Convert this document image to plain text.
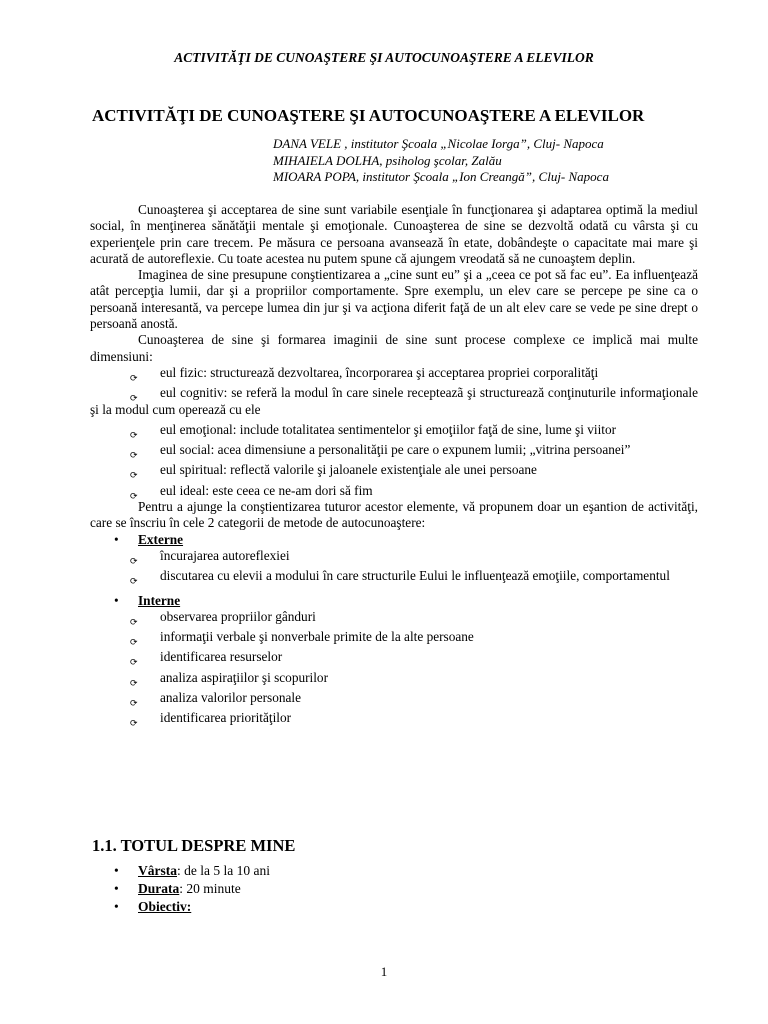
ACTIVITĂŢI DE CUNOAŞTERE ŞI AUTOCUNOAŞTERE A ELEVILOR
ACTIVITĂŢI DE CUNOAŞTERE ŞI AUTOCUNOAŞTERE A ELEVILOR
DANA VELE , institutor Şcoala „Nicolae Iorga”, Cluj- Napoca
MIHAIELA DOLHA, psiholog şcolar, Zalău
MIOARA POPA, institutor Şcoala „Ion Creangă”, Cluj- Napoca

Cunoaşterea şi acceptarea de sine sunt variabile esenţiale în funcţionarea şi adaptarea optimă la mediul social, în menţinerea sănătăţii mentale şi emoţionale. Cunoaşterea de sine se dezvoltă odată cu vârsta şi cu experienţele prin care trecem. Pe măsura ce persoana avansează în etate, dobândeşte o capacitate mai mare şi acurată de autoreflexie. Cu toate acestea nu putem spune că ajungem vreodată să ne cunoaştem deplin.

Imaginea de sine presupune conştientizarea a „cine sunt eu” şi a „ceea ce pot să fac eu”. Ea influenţează atât percepţia lumii, dar şi a propriilor comportamente. Spre exemplu, un elev care se percepe pe sine ca o persoană interesantă, va percepe lumea din jur şi va acţiona diferit faţă de un alt elev care se vede pe sine drept o persoană anostă.

Cunoaşterea de sine şi formarea imaginii de sine sunt procese complexe ce implică mai multe dimensiuni:

⟳ eul fizic: structurează dezvoltarea, încorporarea şi acceptarea propriei corporalităţi

⟳ eul cognitiv: se referă la modul în care sinele recepteazã şi structurează conţinuturile informaţionale şi la modul cum operează cu ele

⟳ eul emoţional: include totalitatea sentimentelor şi emoţiilor faţă de sine, lume şi viitor

⟳ eul social: acea dimensiune a personalităţii pe care o expunem lumii; „vitrina persoanei”

⟳ eul spiritual: reflectă valorile şi jaloanele existenţiale ale unei persoane

⟳ eul ideal: este ceea ce ne-am dori să fim

Pentru a ajunge la conştientizarea tuturor acestor elemente, vă propunem doar un eşantion de activităţi, care se înscriu în cele 2 categorii de metode de autocunoaştere:

• Externe

⟳ încurajarea autoreflexiei

⟳ discutarea cu elevii a modului în care structurile Eului le influenţează emoţiile, comportamentul

• Interne

⟳ observarea propriilor gânduri

⟳ informaţii verbale şi nonverbale primite de la alte persoane

⟳ identificarea resurselor

⟳ analiza aspiraţiilor şi scopurilor

⟳ analiza valorilor personale

⟳ identificarea priorităţilor

1.1. TOTUL DESPRE MINE
• Vârsta: de la 5 la 10 ani
• Durata: 20 minute
• Obiectiv:
1
